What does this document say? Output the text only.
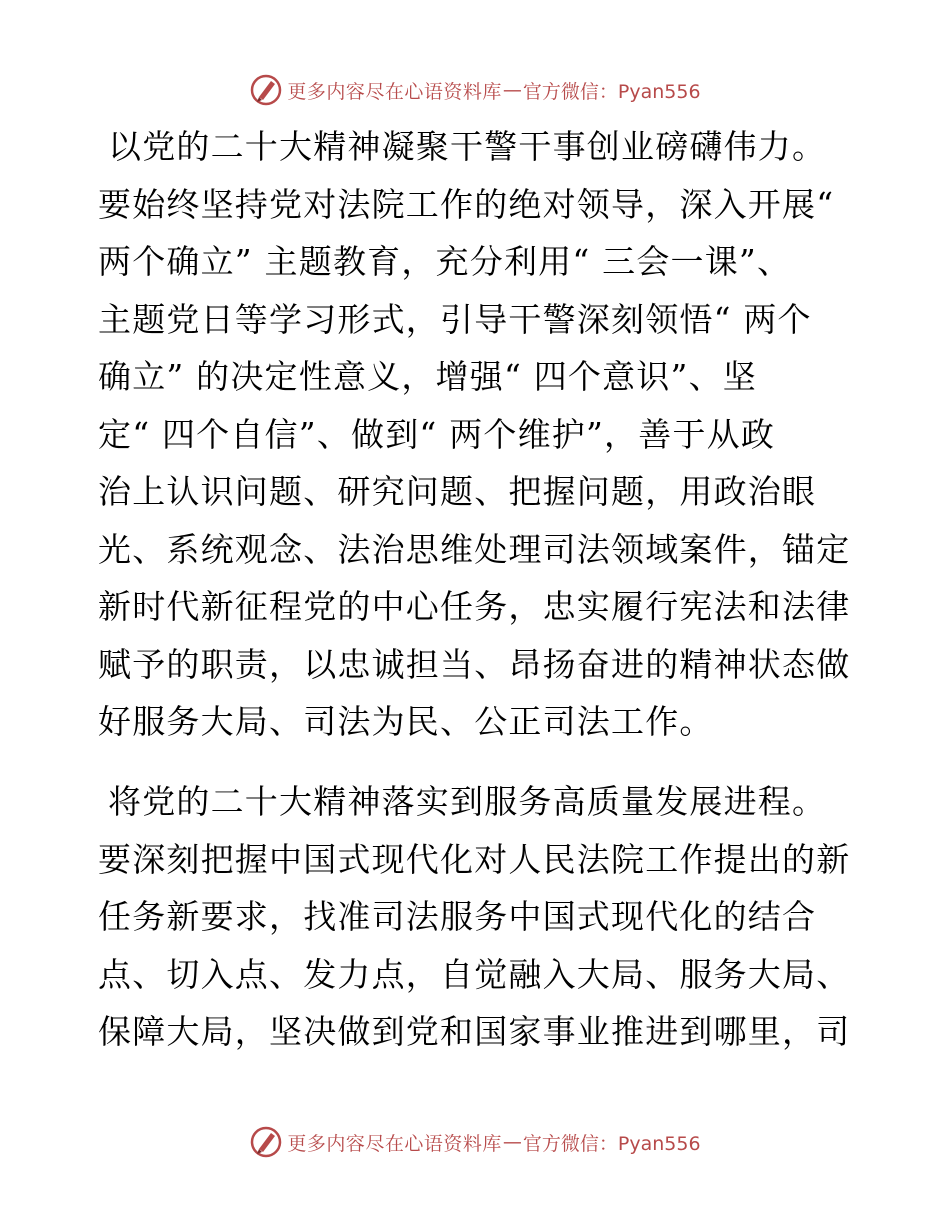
更多内容尽在心语资料库 — 官方微信：Pyan556
以党的二十大精神凝聚干警干事创业磅礴伟力。
要始终坚持党对法院工作的绝对领导，深入开展“
两个确立” 主题教育，充分利用“ 三会一课”、
主题党日等学习形式，引导干警深刻领悟“ 两个
确立” 的决定性意义，增强“ 四个意识”、坚
定“ 四个自信”、做到“ 两个维护”，善于从政
治上认识问题、研究问题、把握问题，用政治眼
光、系统观念、法治思维处理司法领域案件，锚定
新时代新征程党的中心任务，忠实履行宪法和法律
赋予的职责，以忠诚担当、昂扬奋进的精神状态做
好服务大局、司法为民、公正司法工作。
将党的二十大精神落实到服务高质量发展进程。
要深刻把握中国式现代化对人民法院工作提出的新
任务新要求，找准司法服务中国式现代化的结合
点、切入点、发力点，自觉融入大局、服务大局、
保障大局，坚决做到党和国家事业推进到哪里，司
更多内容尽在心语资料库 — 官方微信：Pyan556
